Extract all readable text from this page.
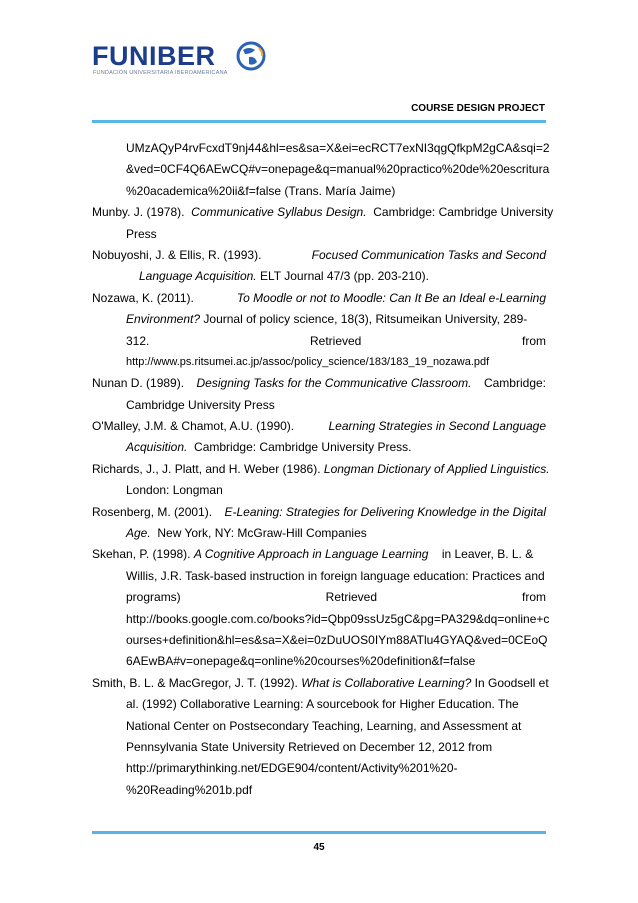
FUNIBER
FUNDACIÓN UNIVERSITARIA IBEROAMERICANA
COURSE DESIGN PROJECT
UMzAQyP4rvFcxdT9nj44&hl=es&sa=X&ei=ecRCT7exNI3qgQfkpM2gCA&sqi=2
&ved=0CF4Q6AEwCQ#v=onepage&q=manual%20practico%20de%20escritura
%20academica%20ii&f=false (Trans. María Jaime)
Munby. J. (1978). Communicative Syllabus Design. Cambridge: Cambridge University
Press
Nobuyoshi, J. & Ellis, R. (1993).	Focused Communication Tasks and Second
Language Acquisition. ELT Journal 47/3 (pp. 203-210).
Nozawa, K. (2011).	To Moodle or not to Moodle: Can It Be an Ideal e-Learning
Environment? Journal of policy science, 18(3), Ritsumeikan University, 289-
312.	Retrieved	from
http://www.ps.ritsumei.ac.jp/assoc/policy_science/183/183_19_nozawa.pdf
Nunan D. (1989). Designing Tasks for the Communicative Classroom. Cambridge:
Cambridge University Press
O'Malley, J.M. & Chamot, A.U. (1990).	Learning Strategies in Second Language
Acquisition. Cambridge: Cambridge University Press.
Richards, J., J. Platt, and H. Weber (1986). Longman Dictionary of Applied Linguistics.
London: Longman
Rosenberg, M. (2001). E-Leaning: Strategies for Delivering Knowledge in the Digital
Age. New York, NY: McGraw-Hill Companies
Skehan, P. (1998). A Cognitive Approach in Language Learning in Leaver, B. L. &
Willis, J.R. Task-based instruction in foreign language education: Practices and
programs)	Retrieved	from
http://books.google.com.co/books?id=Qbp09ssUz5gC&pg=PA329&dq=online+c
ourses+definition&hl=es&sa=X&ei=0zDuUOS0IYm88ATlu4GYAQ&ved=0CEoQ
6AEwBA#v=onepage&q=online%20courses%20definition&f=false
Smith, B. L. & MacGregor, J. T. (1992). What is Collaborative Learning? In Goodsell et
al. (1992) Collaborative Learning: A sourcebook for Higher Education. The
National Center on Postsecondary Teaching, Learning, and Assessment at
Pennsylvania State University Retrieved on December 12, 2012 from
http://primarythinking.net/EDGE904/content/Activity%201%20-
%20Reading%201b.pdf
45
